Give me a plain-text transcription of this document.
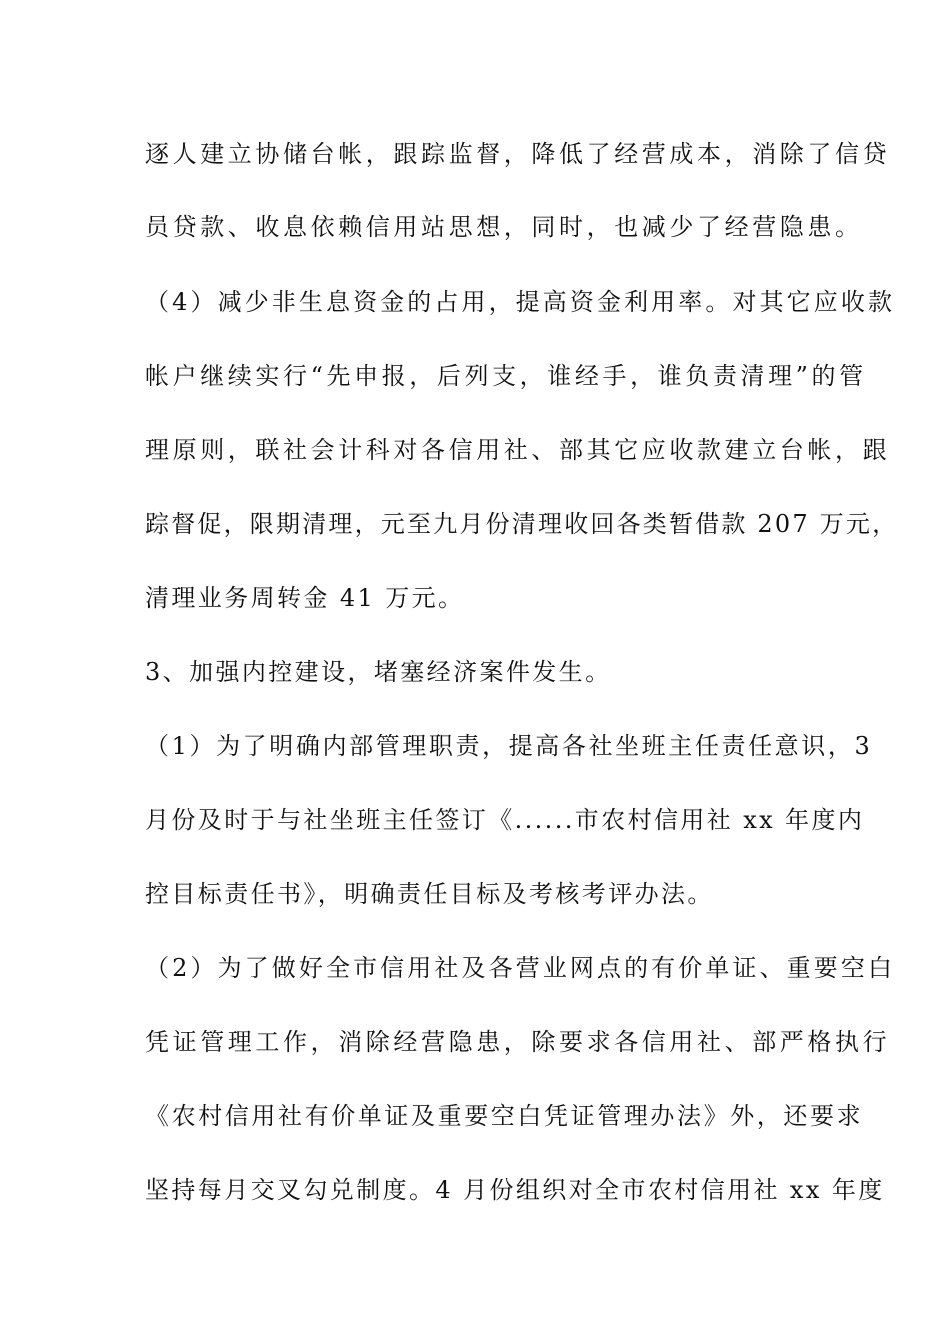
逐人建立协储台帐，跟踪监督，降低了经营成本，消除了信贷
员贷款、收息依赖信用站思想，同时，也减少了经营隐患。
（4）减少非生息资金的占用，提高资金利用率。对其它应收款
帐户继续实行“先申报，后列支，谁经手，谁负责清理”的管
理原则，联社会计科对各信用社、部其它应收款建立台帐，跟
踪督促，限期清理，元至九月份清理收回各类暂借款 207 万元，
清理业务周转金 41 万元。
3、加强内控建设，堵塞经济案件发生。
（1）为了明确内部管理职责，提高各社坐班主任责任意识，3
月份及时于与社坐班主任签订《......市农村信用社 xx 年度内
控目标责任书》，明确责任目标及考核考评办法。
（2）为了做好全市信用社及各营业网点的有价单证、重要空白
凭证管理工作，消除经营隐患，除要求各信用社、部严格执行
《农村信用社有价单证及重要空白凭证管理办法》外，还要求
坚持每月交叉勾兑制度。4 月份组织对全市农村信用社 xx 年度
